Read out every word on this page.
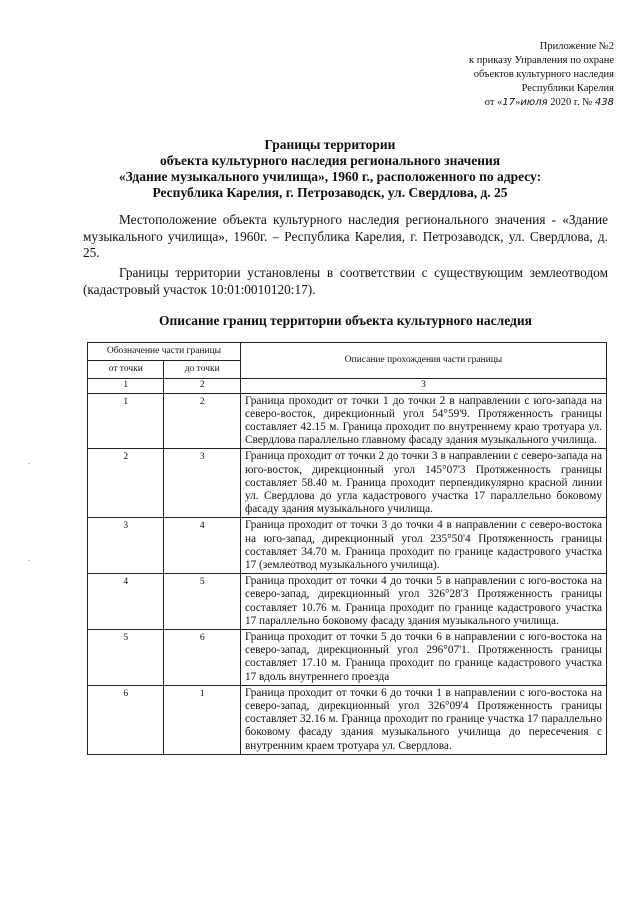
Приложение №2
к приказу Управления по охране
объектов культурного наследия
Республики Карелия
от «17»июля 2020 г. № 438
Границы территории
объекта культурного наследия регионального значения
«Здание музыкального училища», 1960 г., расположенного по адресу:
Республика Карелия, г. Петрозаводск, ул. Свердлова, д. 25
Местоположение объекта культурного наследия регионального значения - «Здание музыкального училища», 1960г. – Республика Карелия, г. Петрозаводск, ул. Свердлова, д. 25.
Границы территории установлены в соответствии с существующим землеотводом (кадастровый участок 10:01:0010120:17).
Описание границ территории объекта культурного наследия
Обозначение части границы		Описание прохождения части границы
от точки	до точки	
1	2	3
1	2	Граница проходит от точки 1 до точки 2 в направлении с юго-запада на северо-восток, дирекционный угол 54°59'9. Протяженность границы составляет 42.15 м. Граница проходит по внутреннему краю тротуара ул. Свердлова параллельно главному фасаду здания музыкального училища.
2	3	Граница проходит от точки 2 до точки 3 в направлении с северо-запада на юго-восток, дирекционный угол 145°07'3 Протяженность границы составляет 58.40 м. Граница проходит перпендикулярно красной линии ул. Свердлова до угла кадастрового участка 17 параллельно боковому фасаду здания музыкального училища.
3	4	Граница проходит от точки 3 до точки 4 в направлении с северо-востока на юго-запад, дирекционный угол 235°50'4 Протяженность границы составляет 34.70 м. Граница проходит по границе кадастрового участка 17 (землеотвод музыкального училища).
4	5	Граница проходит от точки 4 до точки 5 в направлении с юго-востока на северо-запад, дирекционный угол 326°28'3 Протяженность границы составляет 10.76 м. Граница проходит по границе кадастрового участка 17 параллельно боковому фасаду здания музыкального училища.
5	6	Граница проходит от точки 5 до точки 6 в направлении с юго-востока на северо-запад, дирекционный угол 296°07'1. Протяженность границы составляет 17.10 м. Граница проходит по границе кадастрового участка 17 вдоль внутреннего проезда
6	1	Граница проходит от точки 6 до точки 1 в направлении с юго-востока на северо-запад, дирекционный угол 326°09'4 Протяженность границы составляет 32.16 м. Граница проходит по границе участка 17 параллельно боковому фасаду здания музыкального училища до пересечения с внутренним краем тротуара ул. Свердлова.
